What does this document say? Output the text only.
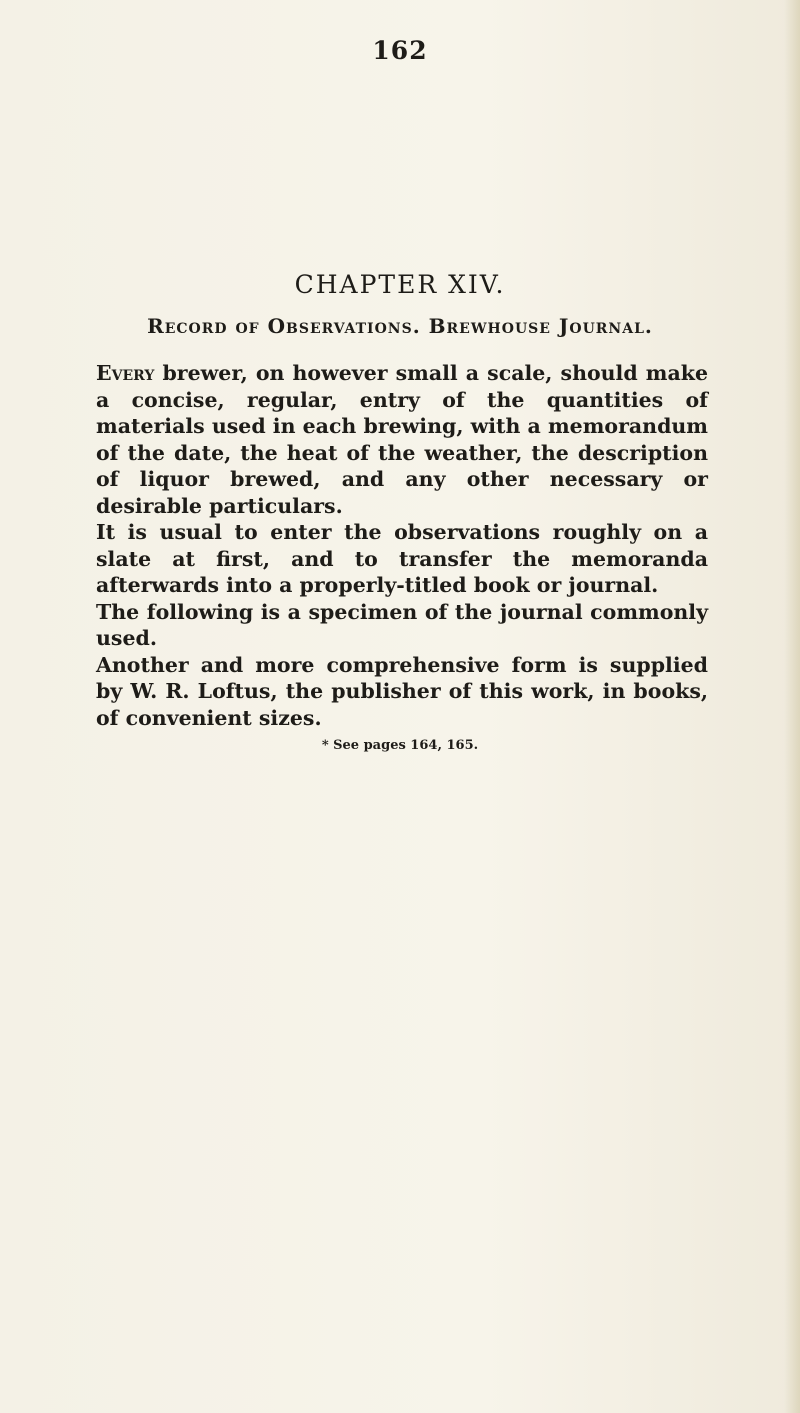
162
CHAPTER XIV.
Record of Observations. Brewhouse Journal.

Every brewer, on however small a scale, should make a concise, regular, entry of the quantities of materials used in each brewing, with a memorandum of the date, the heat of the weather, the description of liquor brewed, and any other necessary or desirable particulars.

It is usual to enter the observations roughly on a slate at first, and to transfer the memoranda afterwards into a properly-titled book or journal.

The following is a specimen of the journal commonly used.

Another and more comprehensive form is supplied by W. R. Loftus, the publisher of this work, in books, of convenient sizes.

* See pages 164, 165.
